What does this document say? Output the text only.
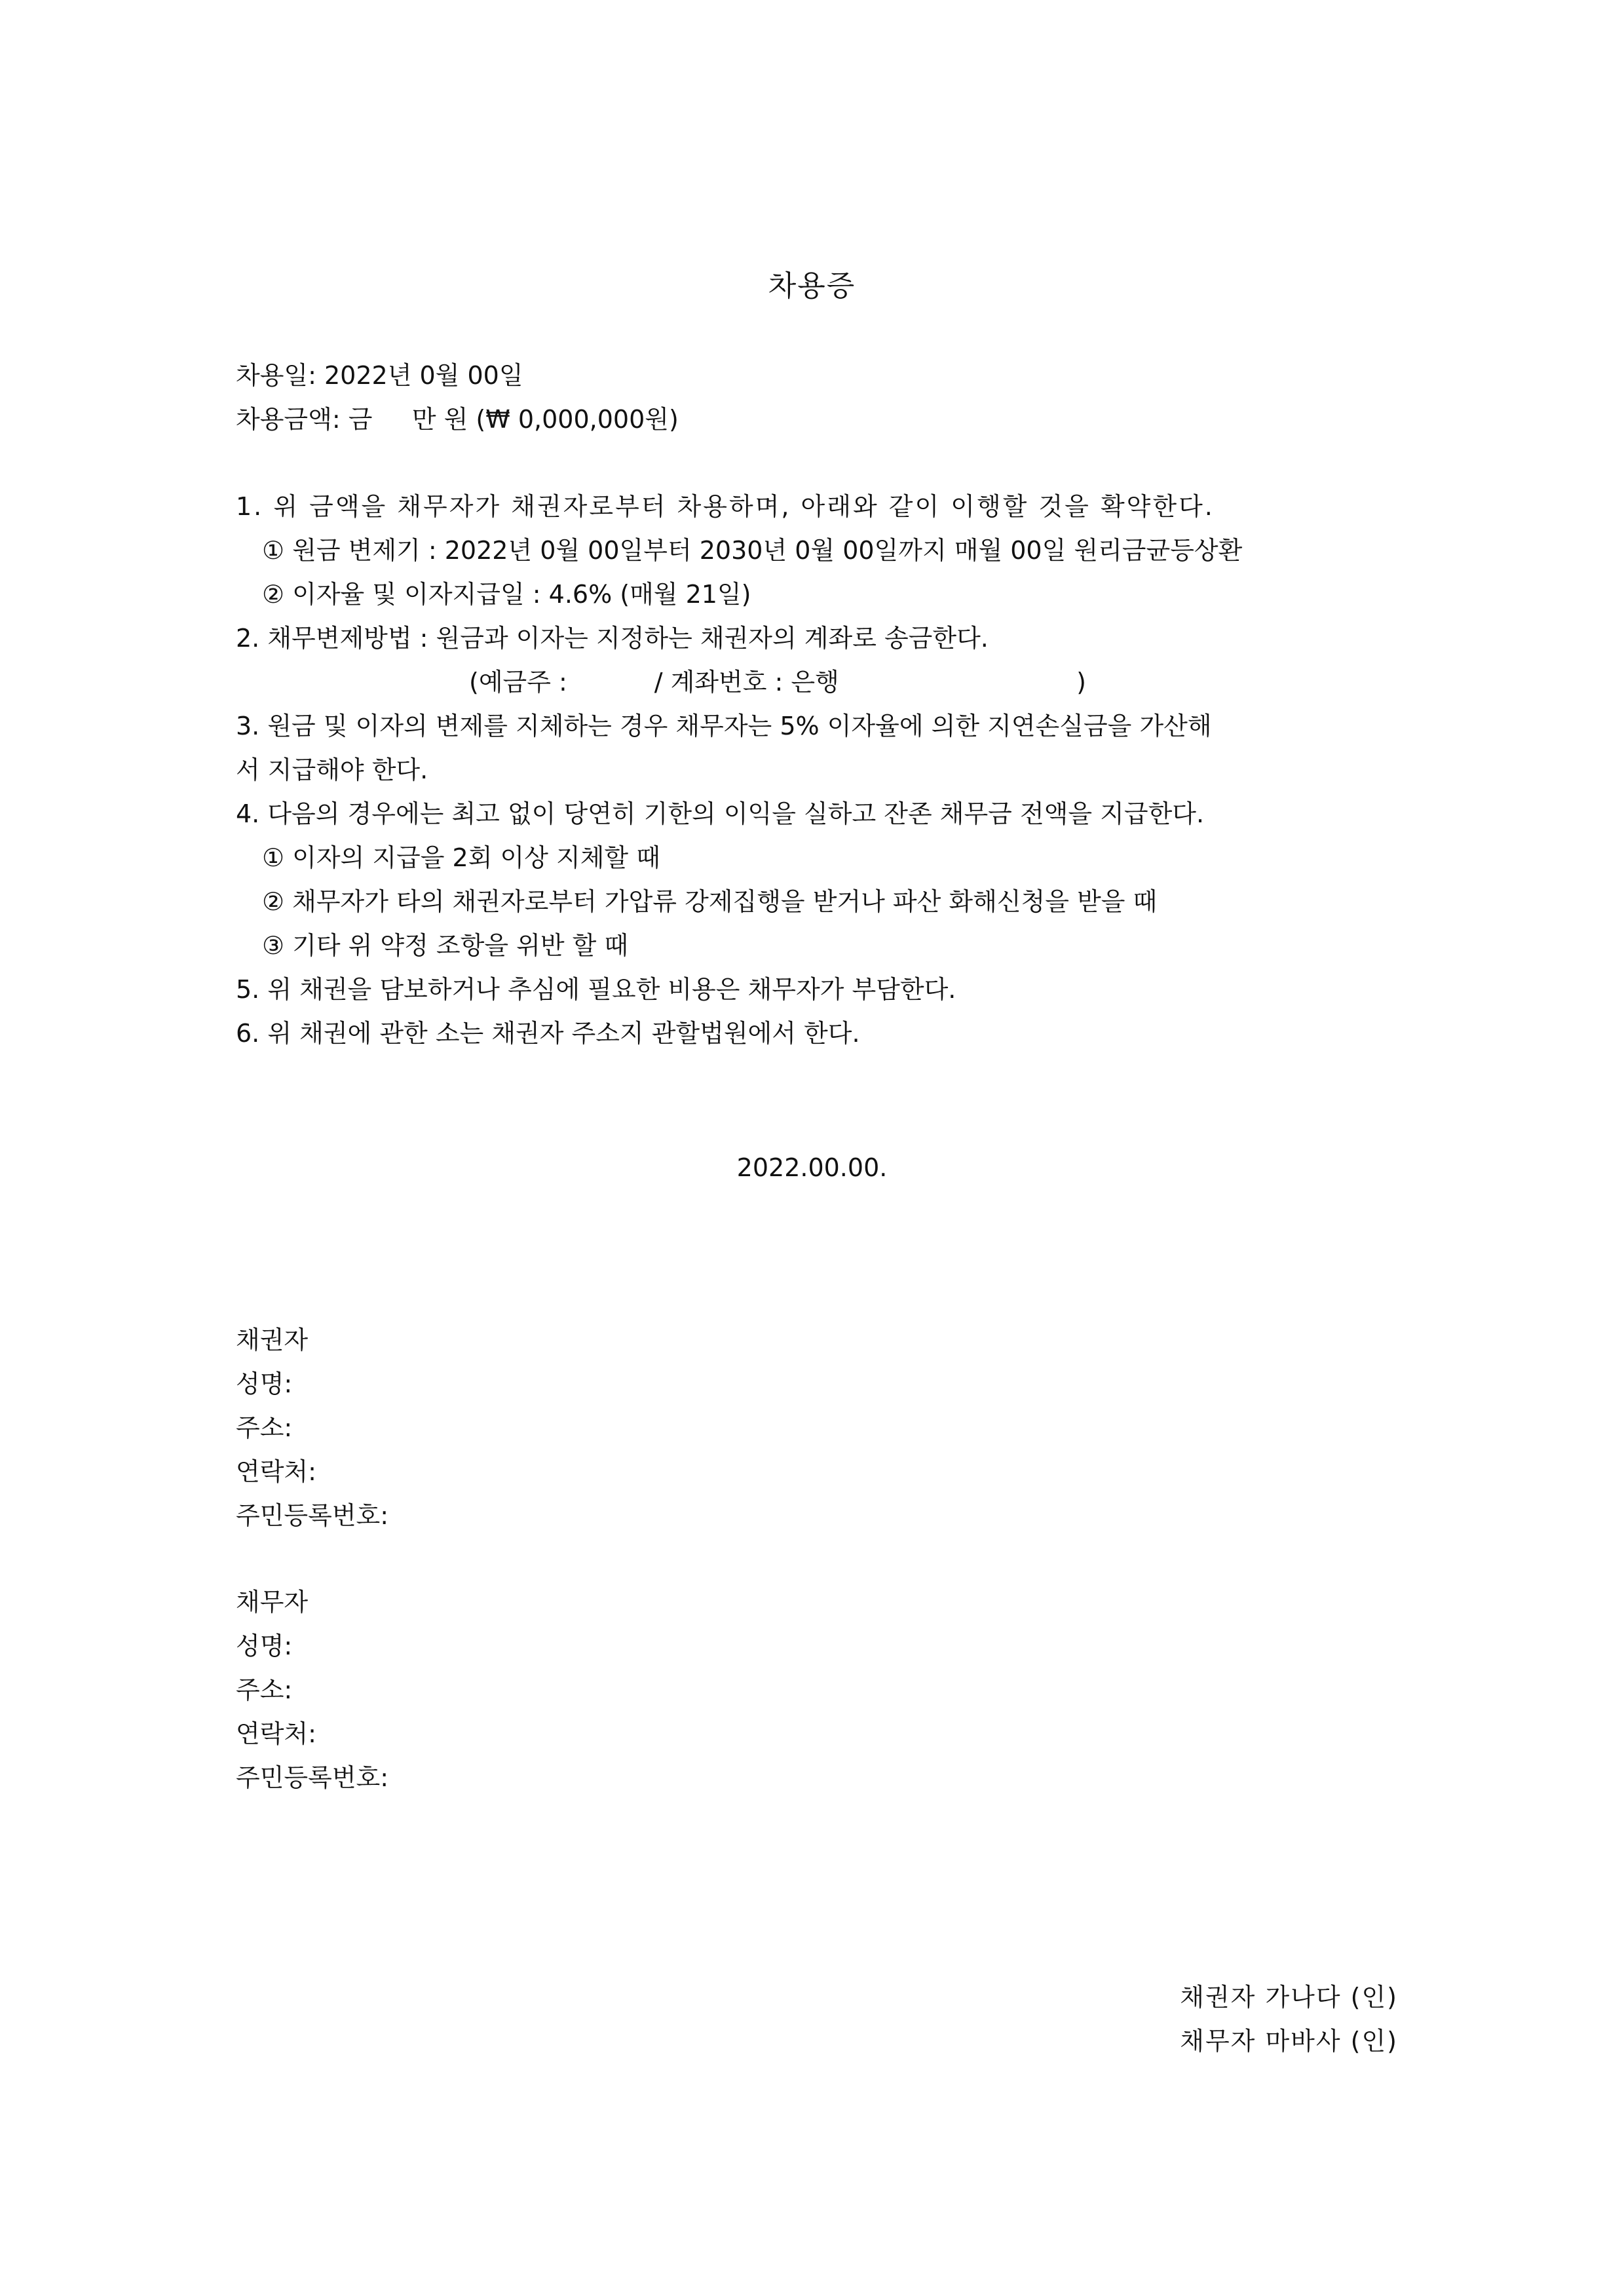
차용증
차용일: 2022년 0월 00일
차용금액: 금     만 원 (₩ 0,000,000원)
1. 위 금액을 채무자가 채권자로부터 차용하며, 아래와 같이 이행할 것을 확약한다.
① 원금 변제기 : 2022년 0월 00일부터 2030년 0월 00일까지 매월 00일 원리금균등상환
② 이자율 및 이자지급일 : 4.6% (매월 21일)
2. 채무변제방법 : 원금과 이자는 지정하는 채권자의 계좌로 송금한다.
(예금주 :           / 계좌번호 : 은행                              )
3. 원금 및 이자의 변제를 지체하는 경우 채무자는 5% 이자율에 의한 지연손실금을 가산해
서 지급해야 한다.
4. 다음의 경우에는 최고 없이 당연히 기한의 이익을 실하고 잔존 채무금 전액을 지급한다.
① 이자의 지급을 2회 이상 지체할 때
② 채무자가 타의 채권자로부터 가압류 강제집행을 받거나 파산 화해신청을 받을 때
③ 기타 위 약정 조항을 위반 할 때
5. 위 채권을 담보하거나 추심에 필요한 비용은 채무자가 부담한다.
6. 위 채권에 관한 소는 채권자 주소지 관할법원에서 한다.
2022.00.00.
채권자
성명:
주소:
연락처:
주민등록번호:
채무자
성명:
주소:
연락처:
주민등록번호:
채권자 가나다 (인)
채무자 마바사 (인)
